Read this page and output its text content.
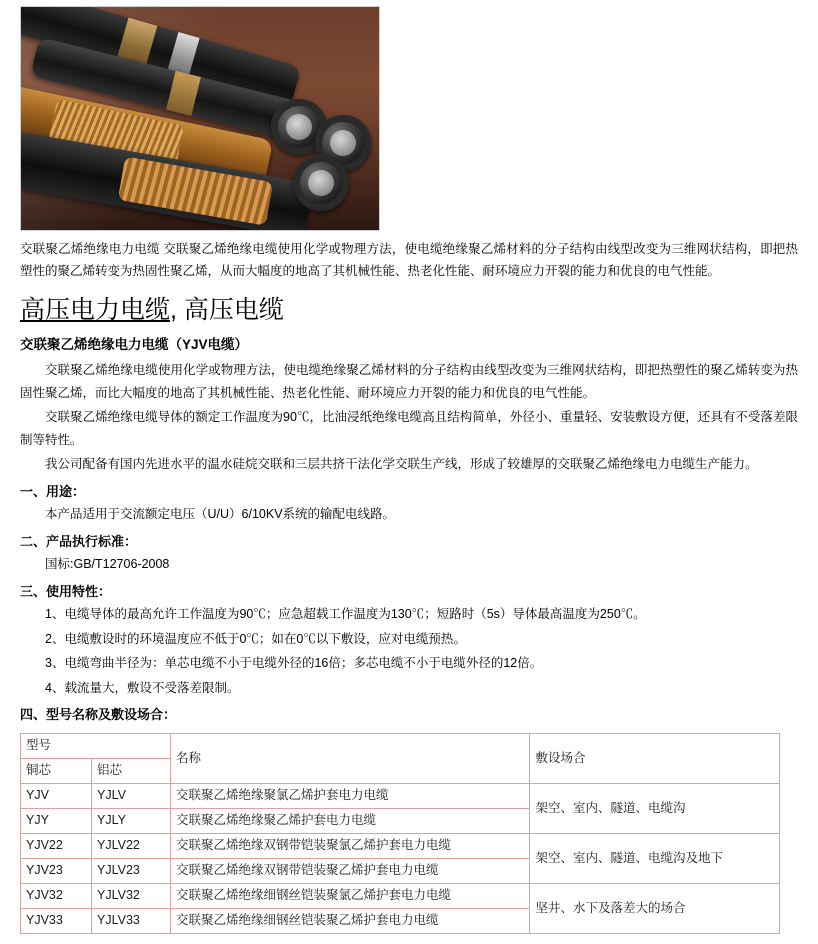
交联聚乙烯绝缘电力电缆 交联聚乙烯绝缘电缆使用化学或物理方法，使电缆绝缘聚乙烯材料的分子结构由线型改变为三维网状结构，即把热塑性的聚乙烯转变为热固性聚乙烯，从而大幅度的地高了其机械性能、热老化性能、耐环境应力开裂的能力和优良的电气性能。
高压电力电缆, 高压电缆
交联聚乙烯绝缘电力电缆（YJV电缆）

交联聚乙烯绝缘电缆使用化学或物理方法，使电缆绝缘聚乙烯材料的分子结构由线型改变为三维网状结构，即把热塑性的聚乙烯转变为热固性聚乙烯，而比大幅度的地高了其机械性能、热老化性能、耐环境应力开裂的能力和优良的电气性能。

交联聚乙烯绝缘电缆导体的额定工作温度为90℃，比油浸纸绝缘电缆高且结构简单，外径小、重量轻、安装敷设方便，还具有不受落差限制等特性。

我公司配备有国内先进水平的温水硅烷交联和三层共挤干法化学交联生产线，形成了较雄厚的交联聚乙烯绝缘电力电缆生产能力。

一、用途：

本产品适用于交流额定电压（U/U）6/10KV系统的输配电线路。

二、产品执行标准：

国标:GB/T12706-2008

三、使用特性：

1、电缆导体的最高允许工作温度为90℃；应急超载工作温度为130℃；短路时（5s）导体最高温度为250℃。

2、电缆敷设时的环境温度应不低于0℃；如在0℃以下敷设，应对电缆预热。

3、电缆弯曲半径为：单芯电缆不小于电缆外径的16倍；多芯电缆不小于电缆外径的12倍。

4、载流量大，敷设不受落差限制。

四、型号名称及敷设场合：

型号		名称	敷设场合
铜芯	铝芯		
YJV	YJLV	交联聚乙烯绝缘聚氯乙烯护套电力电缆	架空、室内、隧道、电缆沟
YJY	YJLY	交联聚乙烯绝缘聚乙烯护套电力电缆	
YJV22	YJLV22	交联聚乙烯绝缘双钢带铠装聚氯乙烯护套电力电缆	架空、室内、隧道、电缆沟及地下
YJV23	YJLV23	交联聚乙烯绝缘双钢带铠装聚乙烯护套电力电缆	
YJV32	YJLV32	交联聚乙烯绝缘细钢丝铠装聚氯乙烯护套电力电缆	坚井、水下及落差大的场合
YJV33	YJLV33	交联聚乙烯绝缘细钢丝铠装聚乙烯护套电力电缆	
